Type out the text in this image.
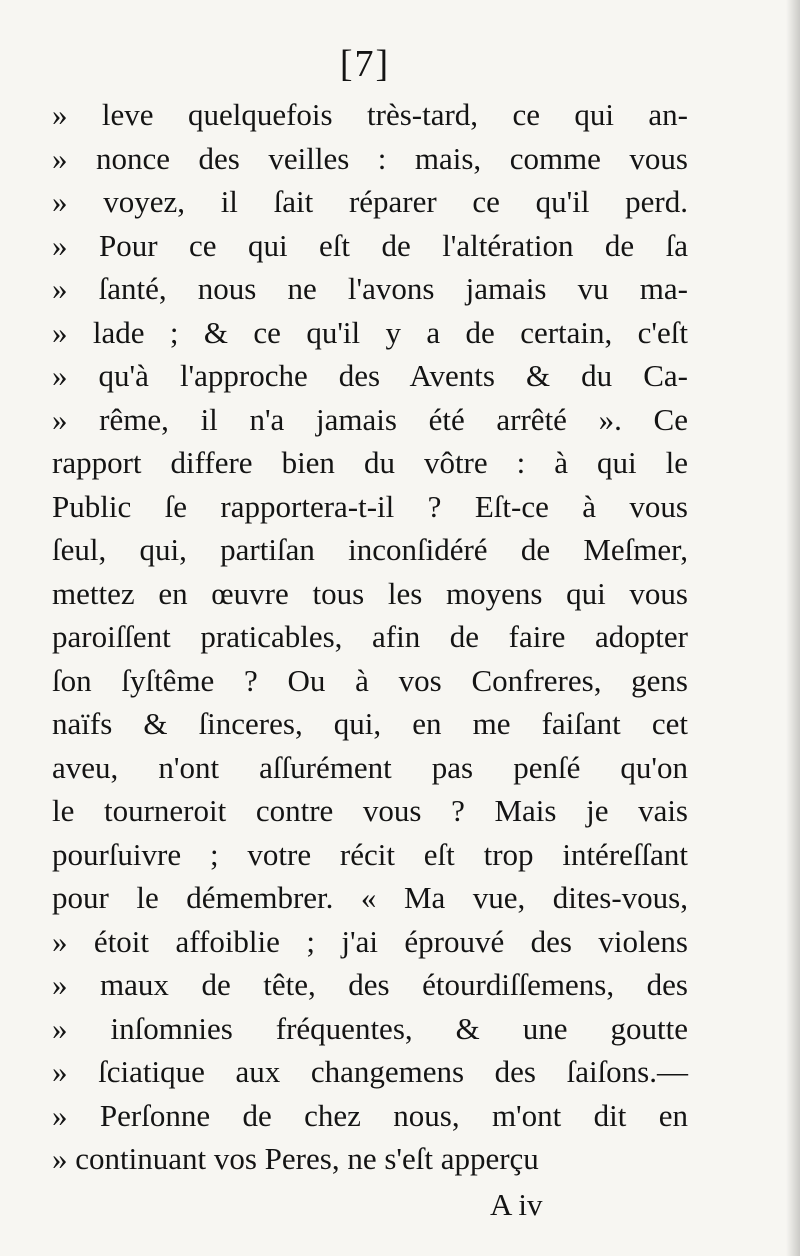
[7]
» leve quelquefois très-tard, ce qui an-
» nonce des veilles : mais, comme vous
» voyez, il ſait réparer ce qu'il perd.
» Pour ce qui eſt de l'altération de ſa
» ſanté, nous ne l'avons jamais vu ma-
» lade ; & ce qu'il y a de certain, c'eſt
» qu'à l'approche des Avents & du Ca-
» rême, il n'a jamais été arrêté ». Ce
rapport differe bien du vôtre : à qui le
Public ſe rapportera-t-il ? Eſt-ce à vous
ſeul, qui, partiſan inconſidéré de Meſmer,
mettez en œuvre tous les moyens qui vous
paroiſſent praticables, afin de faire adopter
ſon ſyſtême ? Ou à vos Confreres, gens
naïfs & ſinceres, qui, en me faiſant cet
aveu, n'ont aſſurément pas penſé qu'on
le tourneroit contre vous ? Mais je vais
pourſuivre ; votre récit eſt trop intéreſſant
pour le démembrer. « Ma vue, dites-vous,
» étoit affoiblie ; j'ai éprouvé des violens
» maux de tête, des étourdiſſemens, des
» inſomnies fréquentes, & une goutte
» ſciatique aux changemens des ſaiſons.—
» Perſonne de chez nous, m'ont dit en
» continuant vos Peres, ne s'eſt apperçu
A iv
